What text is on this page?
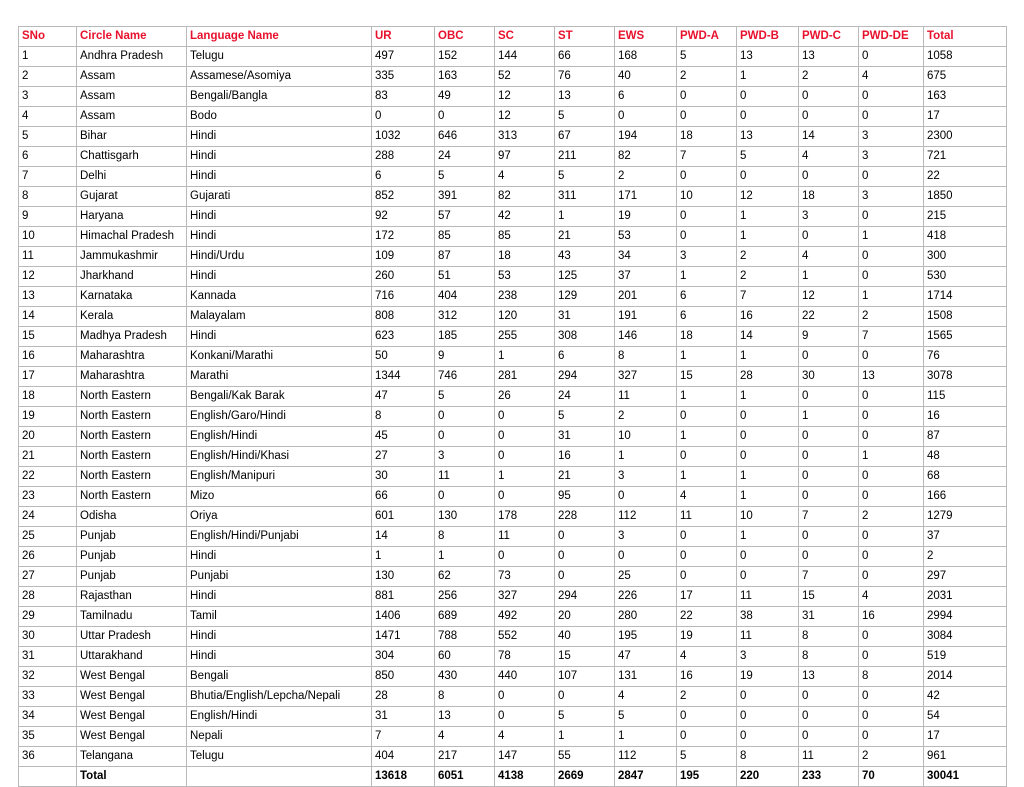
SNo	Circle Name	Language Name	UR	OBC	SC	ST	EWS	PWD-A	PWD-B	PWD-C	PWD-DE	Total
1	Andhra Pradesh	Telugu	497	152	144	66	168	5	13	13	0	1058
2	Assam	Assamese/Asomiya	335	163	52	76	40	2	1	2	4	675
3	Assam	Bengali/Bangla	83	49	12	13	6	0	0	0	0	163
4	Assam	Bodo	0	0	12	5	0	0	0	0	0	17
5	Bihar	Hindi	1032	646	313	67	194	18	13	14	3	2300
6	Chattisgarh	Hindi	288	24	97	211	82	7	5	4	3	721
7	Delhi	Hindi	6	5	4	5	2	0	0	0	0	22
8	Gujarat	Gujarati	852	391	82	311	171	10	12	18	3	1850
9	Haryana	Hindi	92	57	42	1	19	0	1	3	0	215
10	Himachal Pradesh	Hindi	172	85	85	21	53	0	1	0	1	418
11	Jammukashmir	Hindi/Urdu	109	87	18	43	34	3	2	4	0	300
12	Jharkhand	Hindi	260	51	53	125	37	1	2	1	0	530
13	Karnataka	Kannada	716	404	238	129	201	6	7	12	1	1714
14	Kerala	Malayalam	808	312	120	31	191	6	16	22	2	1508
15	Madhya Pradesh	Hindi	623	185	255	308	146	18	14	9	7	1565
16	Maharashtra	Konkani/Marathi	50	9	1	6	8	1	1	0	0	76
17	Maharashtra	Marathi	1344	746	281	294	327	15	28	30	13	3078
18	North Eastern	Bengali/Kak Barak	47	5	26	24	11	1	1	0	0	115
19	North Eastern	English/Garo/Hindi	8	0	0	5	2	0	0	1	0	16
20	North Eastern	English/Hindi	45	0	0	31	10	1	0	0	0	87
21	North Eastern	English/Hindi/Khasi	27	3	0	16	1	0	0	0	1	48
22	North Eastern	English/Manipuri	30	11	1	21	3	1	1	0	0	68
23	North Eastern	Mizo	66	0	0	95	0	4	1	0	0	166
24	Odisha	Oriya	601	130	178	228	112	11	10	7	2	1279
25	Punjab	English/Hindi/Punjabi	14	8	11	0	3	0	1	0	0	37
26	Punjab	Hindi	1	1	0	0	0	0	0	0	0	2
27	Punjab	Punjabi	130	62	73	0	25	0	0	7	0	297
28	Rajasthan	Hindi	881	256	327	294	226	17	11	15	4	2031
29	Tamilnadu	Tamil	1406	689	492	20	280	22	38	31	16	2994
30	Uttar Pradesh	Hindi	1471	788	552	40	195	19	11	8	0	3084
31	Uttarakhand	Hindi	304	60	78	15	47	4	3	8	0	519
32	West Bengal	Bengali	850	430	440	107	131	16	19	13	8	2014
33	West Bengal	Bhutia/English/Lepcha/Nepali	28	8	0	0	4	2	0	0	0	42
34	West Bengal	English/Hindi	31	13	0	5	5	0	0	0	0	54
35	West Bengal	Nepali	7	4	4	1	1	0	0	0	0	17
36	Telangana	Telugu	404	217	147	55	112	5	8	11	2	961
	Total		13618	6051	4138	2669	2847	195	220	233	70	30041
